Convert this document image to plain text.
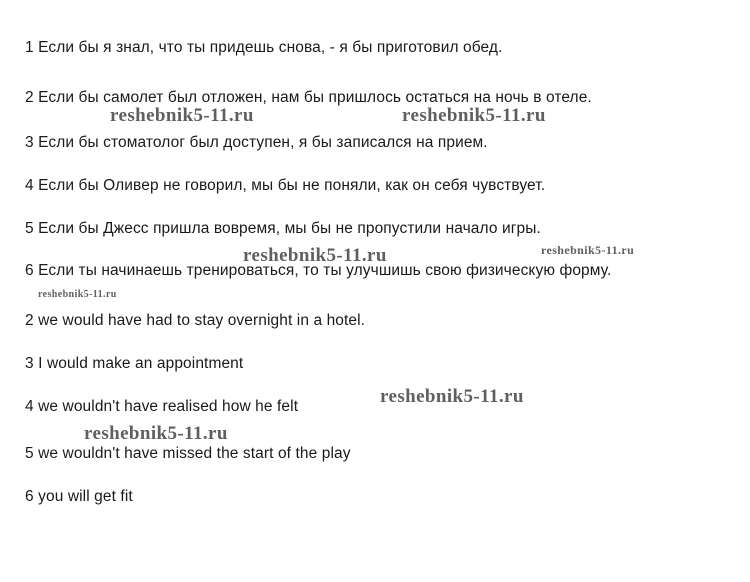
1 Если бы я знал, что ты придешь снова, - я бы приготовил обед.
2 Если бы самолет был отложен, нам бы пришлось остаться на ночь в отеле.
3 Если бы стоматолог был доступен, я бы записался на прием.
4 Если бы Оливер не говорил, мы бы не поняли, как он себя чувствует.
5 Если бы Джесс пришла вовремя, мы бы не пропустили начало игры.
6 Если ты начинаешь тренироваться, то ты улучшишь свою физическую форму.
2 we would have had to stay overnight in a hotel.
3 I would make an appointment
4 we wouldn't have realised how he felt
5 we wouldn't have missed the start of the play
6 you will get fit
reshebnik5-11.ru	reshebnik5-11.ru
reshebnik5-11.ru	reshebnik5-11.ru
reshebnik5-11.ru
reshebnik5-11.ru
reshebnik5-11.ru
